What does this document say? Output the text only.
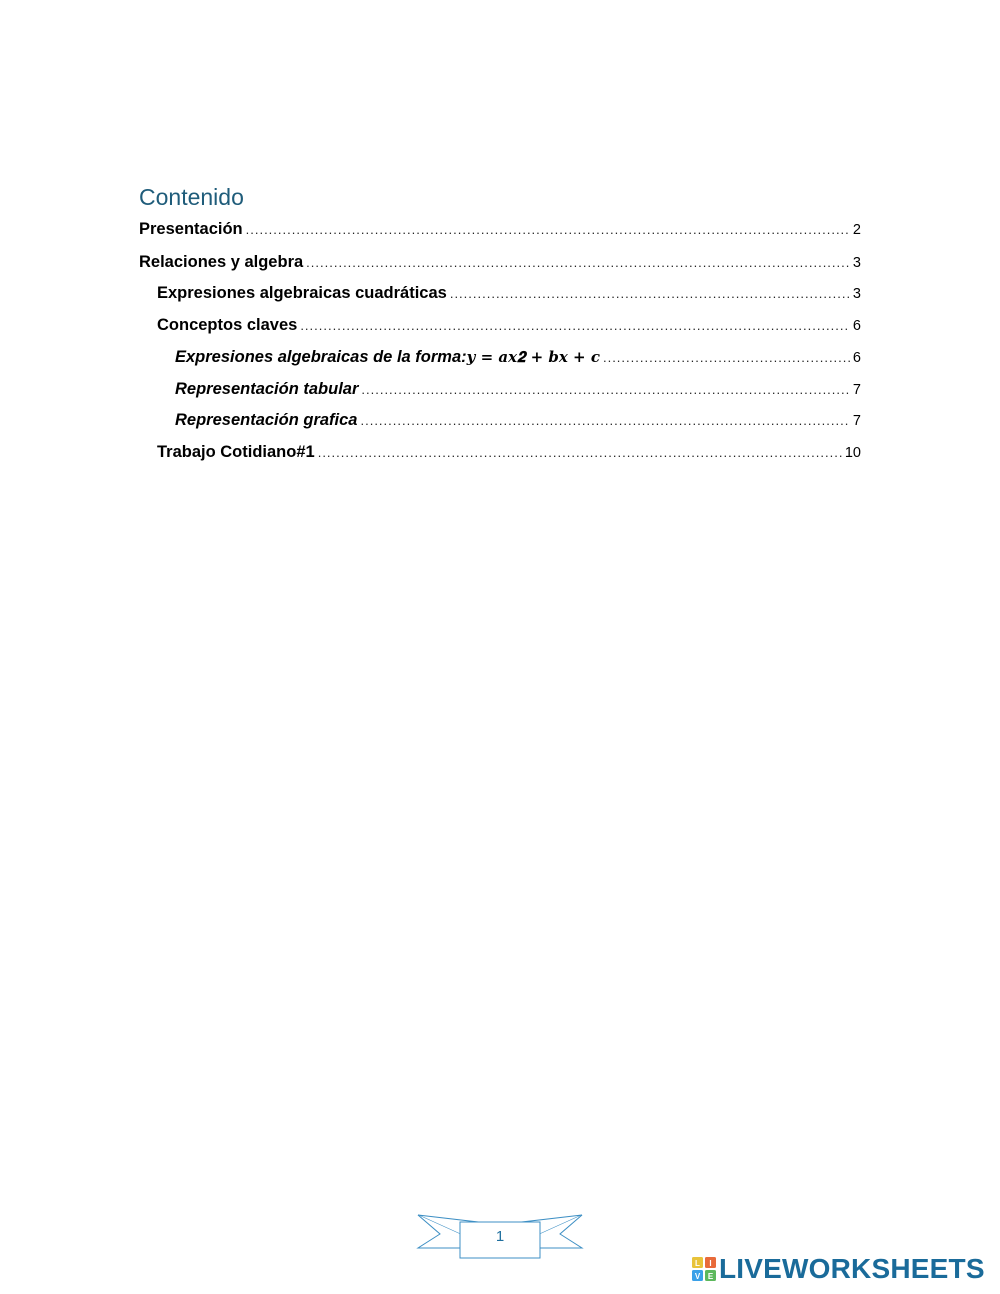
Contenido
Presentación .....	2
Relaciones y algebra .....	3
Expresiones algebraicas cuadráticas .....	3
Conceptos claves .....	6
Expresiones algebraicas de la forma: 𝒚 = 𝒂𝒙𝟐 + 𝒃𝒙 + 𝒄 .....	6
Representación tabular .....	7
Representación grafica .....	7
Trabajo Cotidiano#1 .....	10
1
L I
V E LIVEWORKSHEETS
